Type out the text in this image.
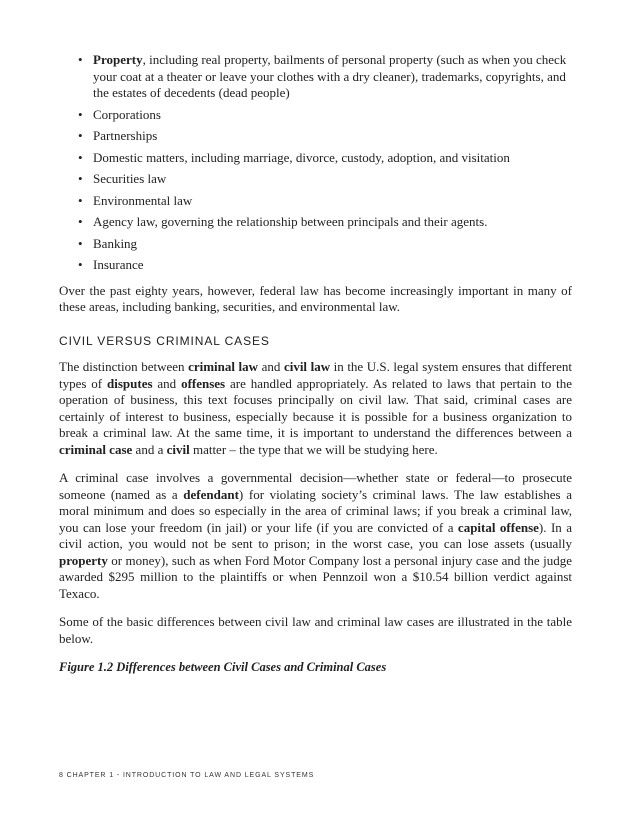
• Property, including real property, bailments of personal property (such as when you check your coat at a theater or leave your clothes with a dry cleaner), trademarks, copyrights, and the estates of decedents (dead people)
• Corporations
• Partnerships
• Domestic matters, including marriage, divorce, custody, adoption, and visitation
• Securities law
• Environmental law
• Agency law, governing the relationship between principals and their agents.
• Banking
• Insurance

Over the past eighty years, however, federal law has become increasingly important in many of these areas, including banking, securities, and environmental law.

CIVIL VERSUS CRIMINAL CASES

The distinction between criminal law and civil law in the U.S. legal system ensures that different types of disputes and offenses are handled appropriately. As related to laws that pertain to the operation of business, this text focuses principally on civil law. That said, criminal cases are certainly of interest to business, especially because it is possible for a business organization to break a criminal law. At the same time, it is important to understand the differences between a criminal case and a civil matter – the type that we will be studying here.

A criminal case involves a governmental decision—whether state or federal—to prosecute someone (named as a defendant) for violating society’s criminal laws. The law establishes a moral minimum and does so especially in the area of criminal laws; if you break a criminal law, you can lose your freedom (in jail) or your life (if you are convicted of a capital offense). In a civil action, you would not be sent to prison; in the worst case, you can lose assets (usually property or money), such as when Ford Motor Company lost a personal injury case and the judge awarded $295 million to the plaintiffs or when Pennzoil won a $10.54 billion verdict against Texaco.

Some of the basic differences between civil law and criminal law cases are illustrated in the table below.

Figure 1.2 Differences between Civil Cases and Criminal Cases

8 CHAPTER 1 - INTRODUCTION TO LAW AND LEGAL SYSTEMS
